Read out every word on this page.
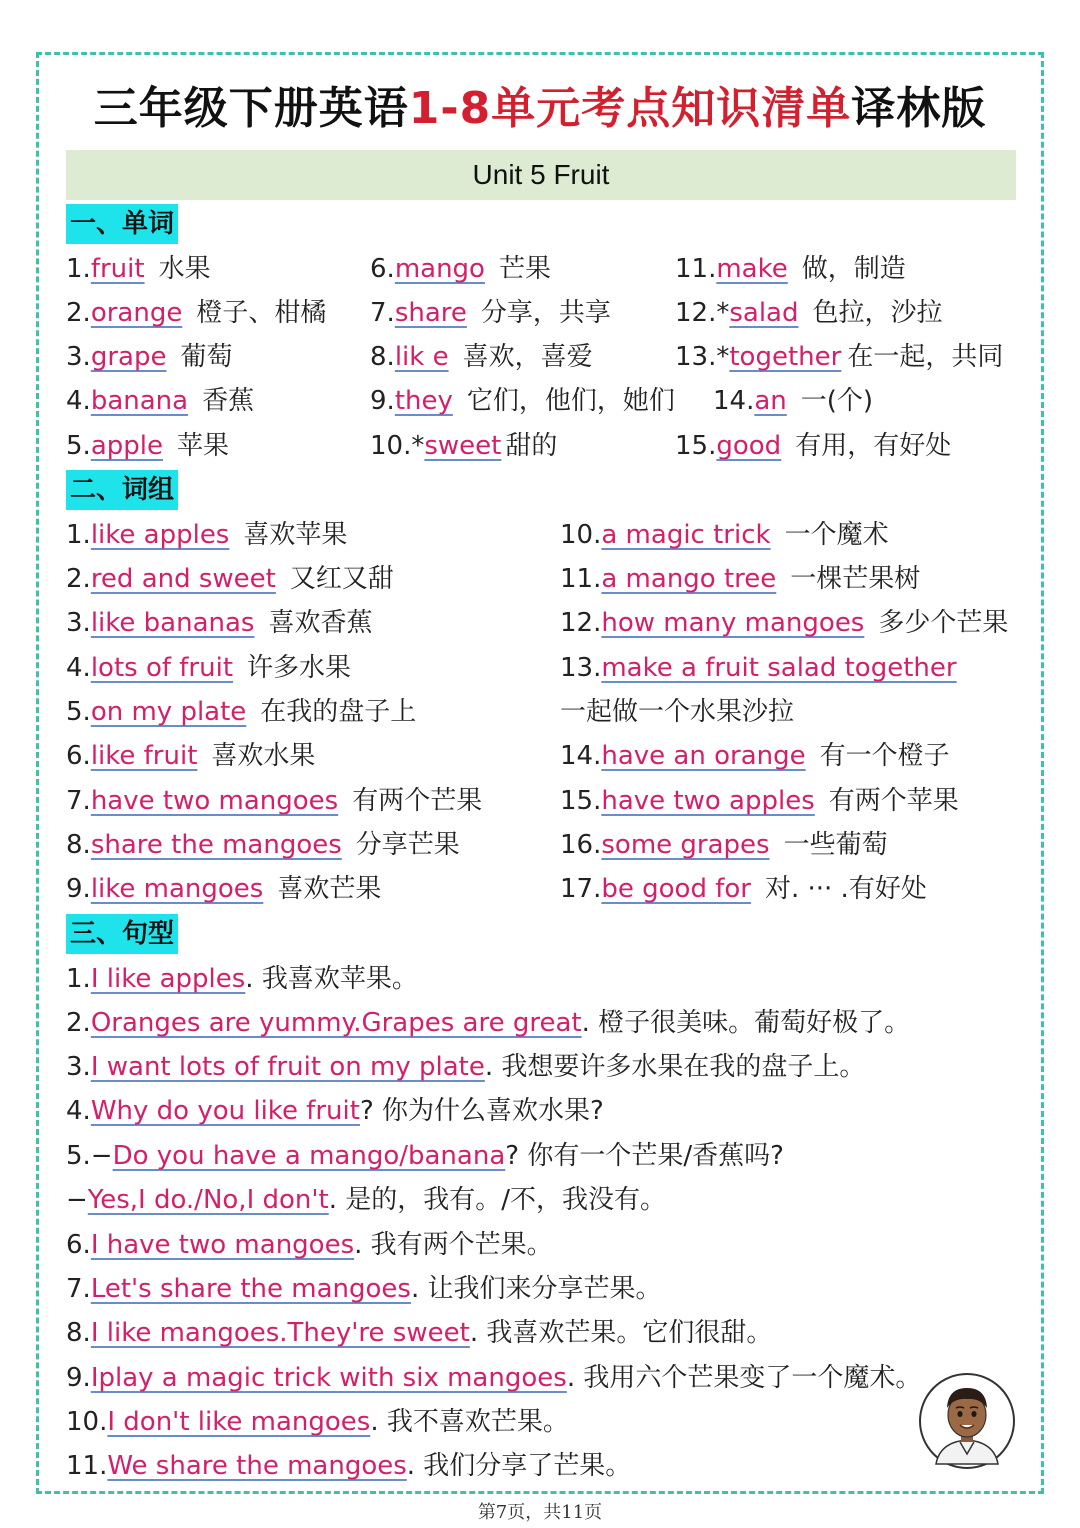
三年级下册英语1-8单元考点知识清单译林版
Unit 5 Fruit
一、单词
1.fruit 水果
2.orange 橙子、柑橘
3.grape 葡萄
4.banana 香蕉
5.apple 苹果
6.mango 芒果
7.share 分享，共享
8.lik e 喜欢，喜爱
9.they 它们，他们，她们
10.*sweet 甜的
11.make 做，制造
12.*salad 色拉，沙拉
13.*together 在一起，共同
14.an 一(个)
15.good 有用，有好处
二、词组
1.like apples 喜欢苹果
2.red and sweet 又红又甜
3.like bananas 喜欢香蕉
4.lots of fruit 许多水果
5.on my plate 在我的盘子上
6.like fruit 喜欢水果
7.have two mangoes 有两个芒果
8.share the mangoes 分享芒果
9.like mangoes 喜欢芒果
10.a magic trick 一个魔术
11.a mango tree 一棵芒果树
12.how many mangoes 多少个芒果
13.make a fruit salad together
一起做一个水果沙拉
14.have an orange 有一个橙子
15.have two apples 有两个苹果
16.some grapes 一些葡萄
17.be good for 对. ··· .有好处
三、句型
1.I like apples. 我喜欢苹果。
2.Oranges are yummy.Grapes are great. 橙子很美味。葡萄好极了。
3.I want lots of fruit on my plate. 我想要许多水果在我的盘子上。
4.Why do you like fruit? 你为什么喜欢水果?
5.−Do you have a mango/banana? 你有一个芒果/香蕉吗?
−Yes,I do./No,I don't. 是的，我有。/不，我没有。
6.I have two mangoes. 我有两个芒果。
7.Let's share the mangoes. 让我们来分享芒果。
8.I like mangoes.They're sweet. 我喜欢芒果。它们很甜。
9.Iplay a magic trick with six mangoes. 我用六个芒果变了一个魔术。
10.I don't like mangoes. 我不喜欢芒果。
11.We share the mangoes. 我们分享了芒果。
第7页，共11页
